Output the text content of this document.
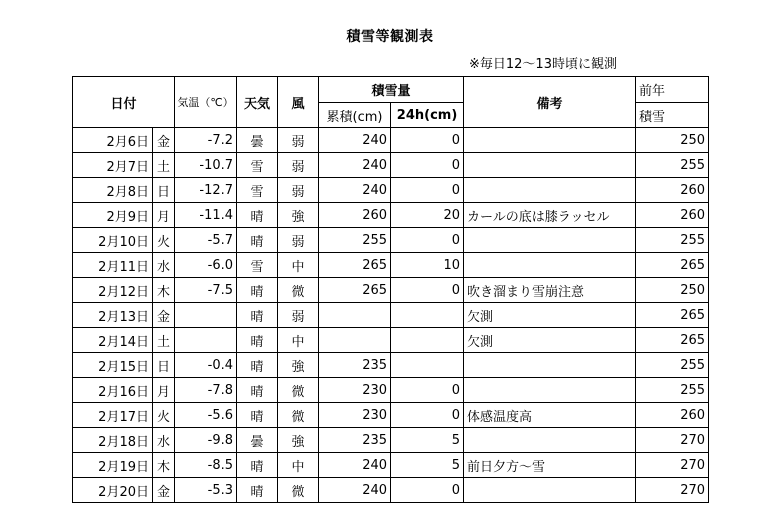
積雪等観測表
※毎日12～13時頃に観測
日付		気温（℃）	天気	風	積雪量		備考	前年
					累積(cm)	24h(cm)		積雪
2月6日	金	-7.2	曇	弱	240	0		250
2月7日	土	-10.7	雪	弱	240	0		255
2月8日	日	-12.7	雪	弱	240	0		260
2月9日	月	-11.4	晴	強	260	20	カールの底は膝ラッセル	260
2月10日	火	-5.7	晴	弱	255	0		255
2月11日	水	-6.0	雪	中	265	10		265
2月12日	木	-7.5	晴	微	265	0	吹き溜まり雪崩注意	250
2月13日	金		晴	弱			欠測	265
2月14日	土		晴	中			欠測	265
2月15日	日	-0.4	晴	強	235			255
2月16日	月	-7.8	晴	微	230	0		255
2月17日	火	-5.6	晴	微	230	0	体感温度高	260
2月18日	水	-9.8	曇	強	235	5		270
2月19日	木	-8.5	晴	中	240	5	前日夕方～雪	270
2月20日	金	-5.3	晴	微	240	0		270
